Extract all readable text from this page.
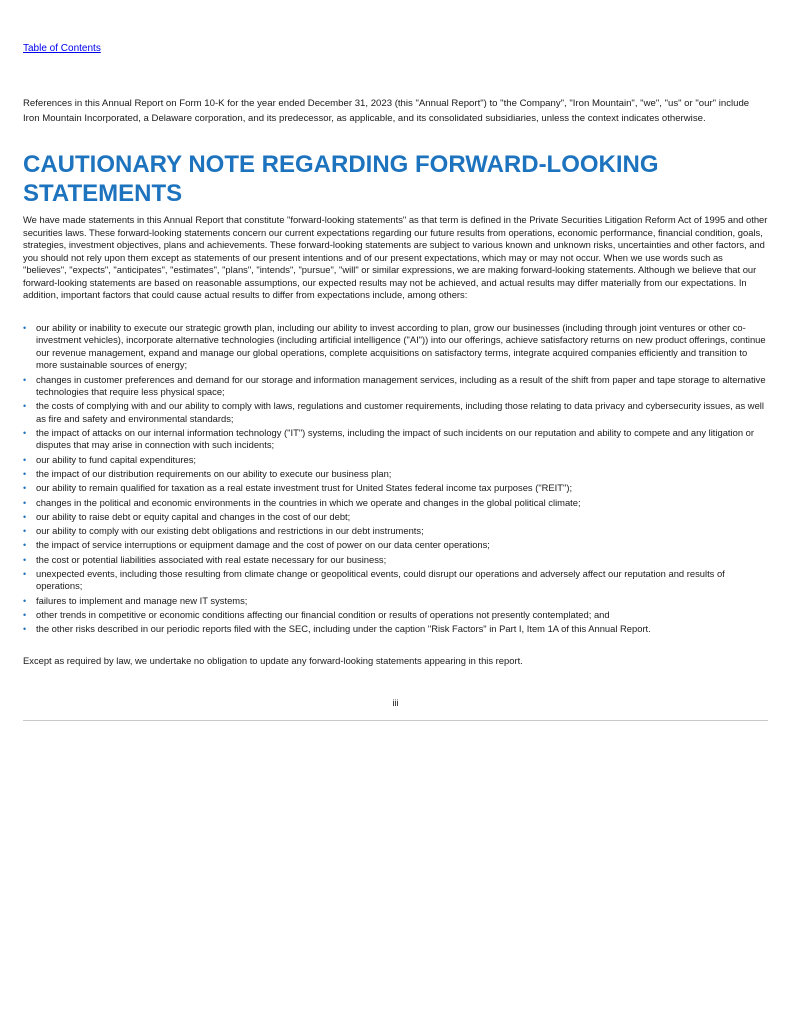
Table of Contents

References in this Annual Report on Form 10-K for the year ended December 31, 2023 (this "Annual Report") to "the Company", "Iron Mountain", "we", "us" or "our" include Iron Mountain Incorporated, a Delaware corporation, and its predecessor, as applicable, and its consolidated subsidiaries, unless the context indicates otherwise.

CAUTIONARY NOTE REGARDING FORWARD-LOOKING STATEMENTS

We have made statements in this Annual Report that constitute "forward-looking statements" as that term is defined in the Private Securities Litigation Reform Act of 1995 and other securities laws. These forward-looking statements concern our current expectations regarding our future results from operations, economic performance, financial condition, goals, strategies, investment objectives, plans and achievements. These forward-looking statements are subject to various known and unknown risks, uncertainties and other factors, and you should not rely upon them except as statements of our present intentions and of our present expectations, which may or may not occur. When we use words such as "believes", "expects", "anticipates", "estimates", "plans", "intends", "pursue", "will" or similar expressions, we are making forward-looking statements. Although we believe that our forward-looking statements are based on reasonable assumptions, our expected results may not be achieved, and actual results may differ materially from our expectations. In addition, important factors that could cause actual results to differ from expectations include, among others:

• our ability or inability to execute our strategic growth plan, including our ability to invest according to plan, grow our businesses (including through joint ventures or other co-investment vehicles), incorporate alternative technologies (including artificial intelligence ("AI")) into our offerings, achieve satisfactory returns on new product offerings, continue our revenue management, expand and manage our global operations, complete acquisitions on satisfactory terms, integrate acquired companies efficiently and transition to more sustainable sources of energy;
• changes in customer preferences and demand for our storage and information management services, including as a result of the shift from paper and tape storage to alternative technologies that require less physical space;
• the costs of complying with and our ability to comply with laws, regulations and customer requirements, including those relating to data privacy and cybersecurity issues, as well as fire and safety and environmental standards;
• the impact of attacks on our internal information technology ("IT") systems, including the impact of such incidents on our reputation and ability to compete and any litigation or disputes that may arise in connection with such incidents;
• our ability to fund capital expenditures;
• the impact of our distribution requirements on our ability to execute our business plan;
• our ability to remain qualified for taxation as a real estate investment trust for United States federal income tax purposes ("REIT");
• changes in the political and economic environments in the countries in which we operate and changes in the global political climate;
• our ability to raise debt or equity capital and changes in the cost of our debt;
• our ability to comply with our existing debt obligations and restrictions in our debt instruments;
• the impact of service interruptions or equipment damage and the cost of power on our data center operations;
• the cost or potential liabilities associated with real estate necessary for our business;
• unexpected events, including those resulting from climate change or geopolitical events, could disrupt our operations and adversely affect our reputation and results of operations;
• failures to implement and manage new IT systems;
• other trends in competitive or economic conditions affecting our financial condition or results of operations not presently contemplated; and
• the other risks described in our periodic reports filed with the SEC, including under the caption "Risk Factors" in Part I, Item 1A of this Annual Report.

Except as required by law, we undertake no obligation to update any forward-looking statements appearing in this report.

iii
